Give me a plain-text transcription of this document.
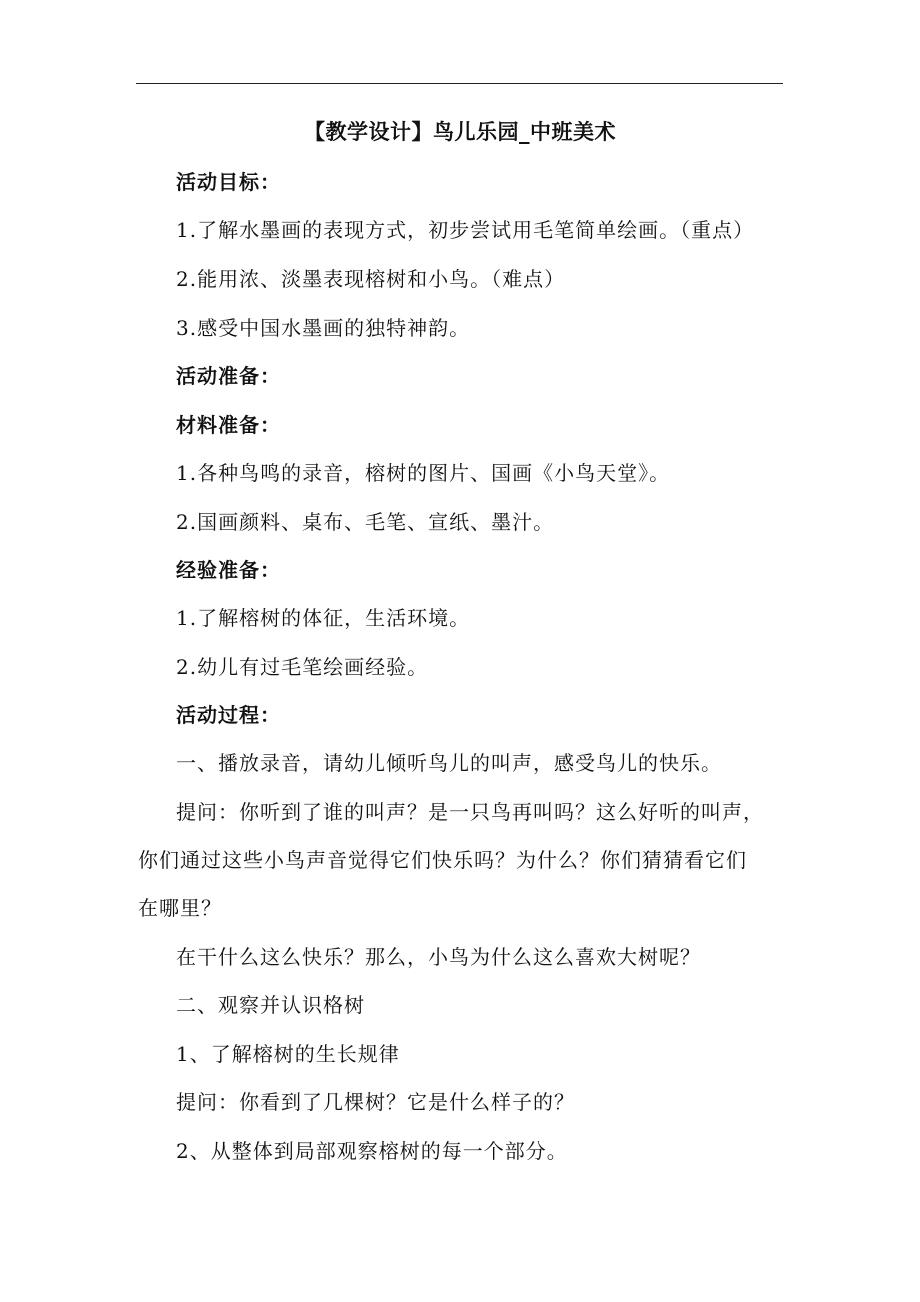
【教学设计】鸟儿乐园_中班美术
活动目标：
1.了解水墨画的表现方式，初步尝试用毛笔简单绘画。（重点）
2.能用浓、淡墨表现榕树和小鸟。（难点）
3.感受中国水墨画的独特神韵。
活动准备：
材料准备：
1.各种鸟鸣的录音，榕树的图片、国画《小鸟天堂》。
2.国画颜料、桌布、毛笔、宣纸、墨汁。
经验准备：
1.了解榕树的体征，生活环境。
2.幼儿有过毛笔绘画经验。
活动过程：
一、播放录音，请幼儿倾听鸟儿的叫声，感受鸟儿的快乐。
提问：你听到了谁的叫声？是一只鸟再叫吗？这么好听的叫声，
你们通过这些小鸟声音觉得它们快乐吗？为什么？你们猜猜看它们
在哪里？
在干什么这么快乐？那么，小鸟为什么这么喜欢大树呢？
二、观察并认识格树
1、了解榕树的生长规律
提问：你看到了几棵树？它是什么样子的？
2、从整体到局部观察榕树的每一个部分。
